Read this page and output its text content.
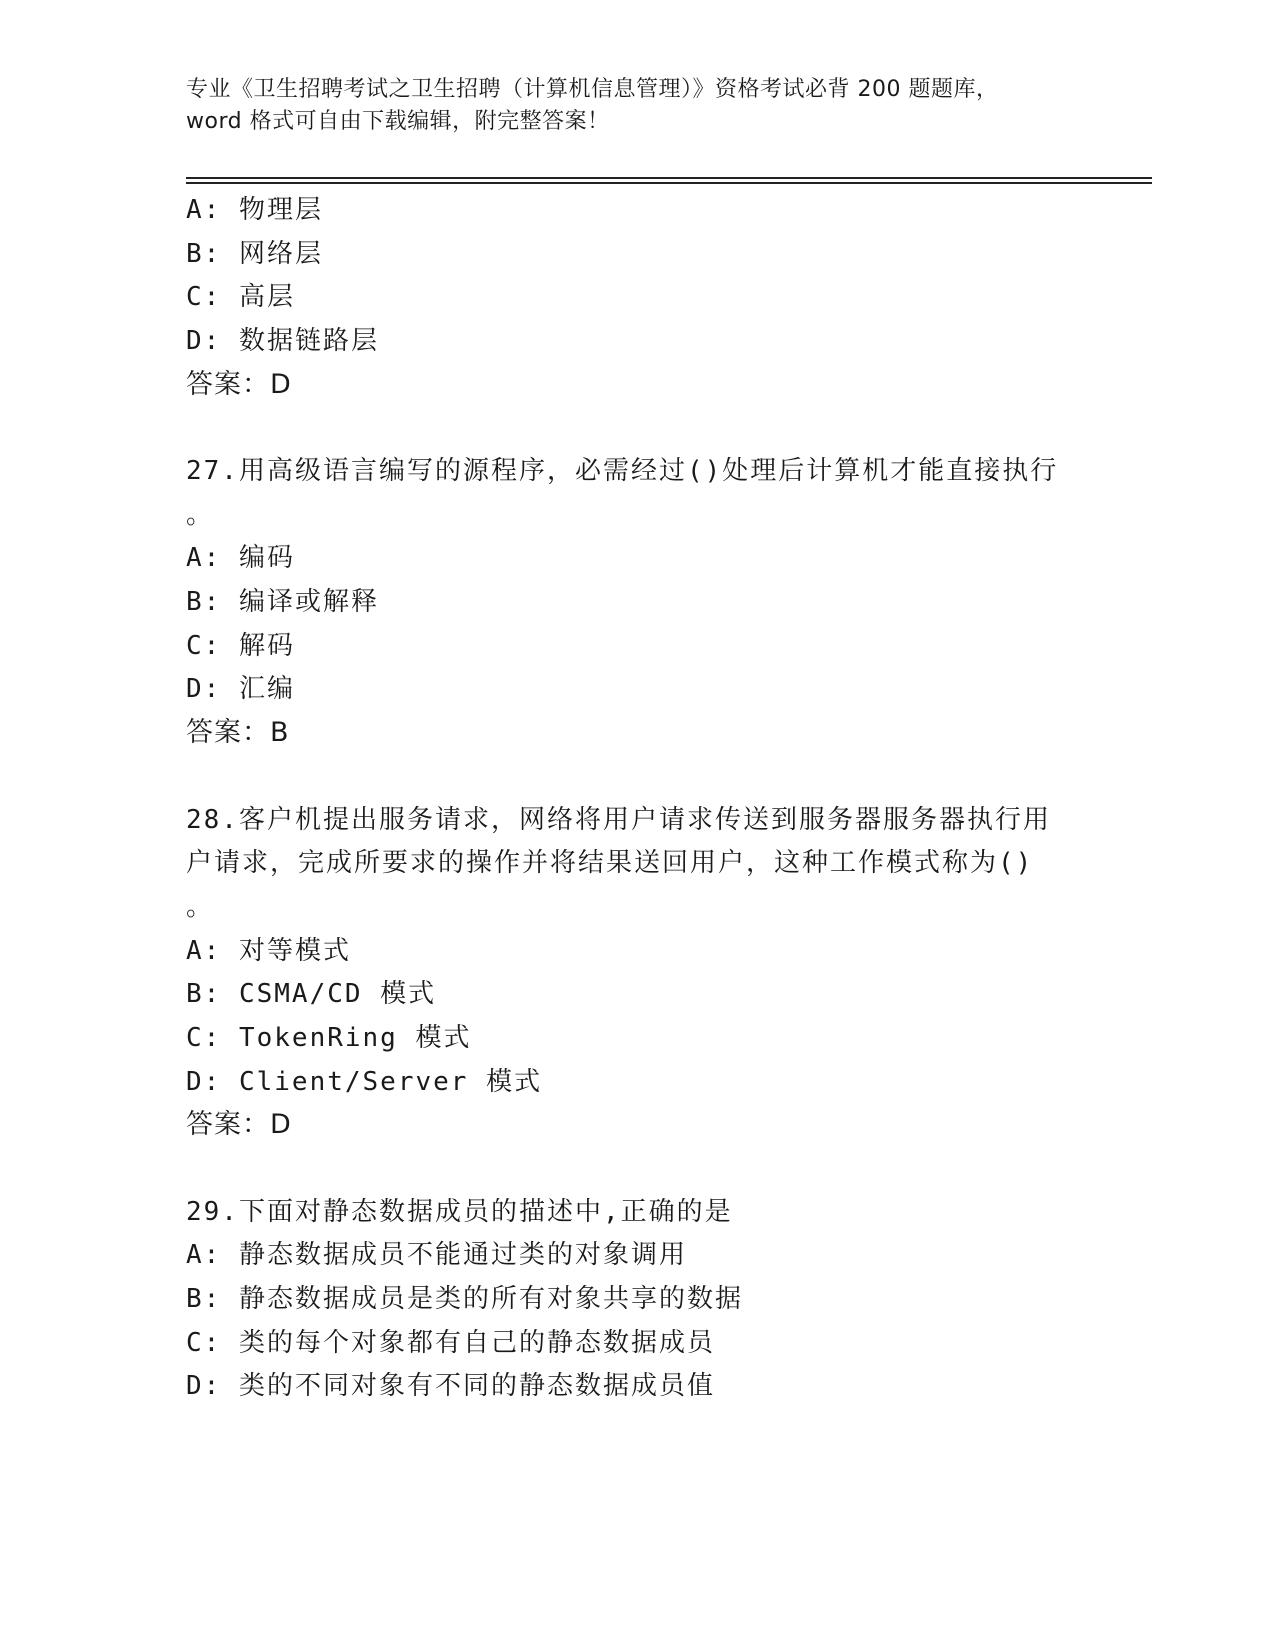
专业《卫生招聘考试之卫生招聘（计算机信息管理）》资格考试必背 200 题题库，
word 格式可自由下载编辑，附完整答案！
A: 物理层
B: 网络层
C: 高层
D: 数据链路层
答案：D
27.用高级语言编写的源程序，必需经过()处理后计算机才能直接执行
。
A: 编码
B: 编译或解释
C: 解码
D: 汇编
答案：B
28.客户机提出服务请求，网络将用户请求传送到服务器服务器执行用
户请求，完成所要求的操作并将结果送回用户，这种工作模式称为()
。
A: 对等模式
B: CSMA/CD 模式
C: TokenRing 模式
D: Client/Server 模式
答案：D
29.下面对静态数据成员的描述中,正确的是
A: 静态数据成员不能通过类的对象调用
B: 静态数据成员是类的所有对象共享的数据
C: 类的每个对象都有自己的静态数据成员
D: 类的不同对象有不同的静态数据成员值
